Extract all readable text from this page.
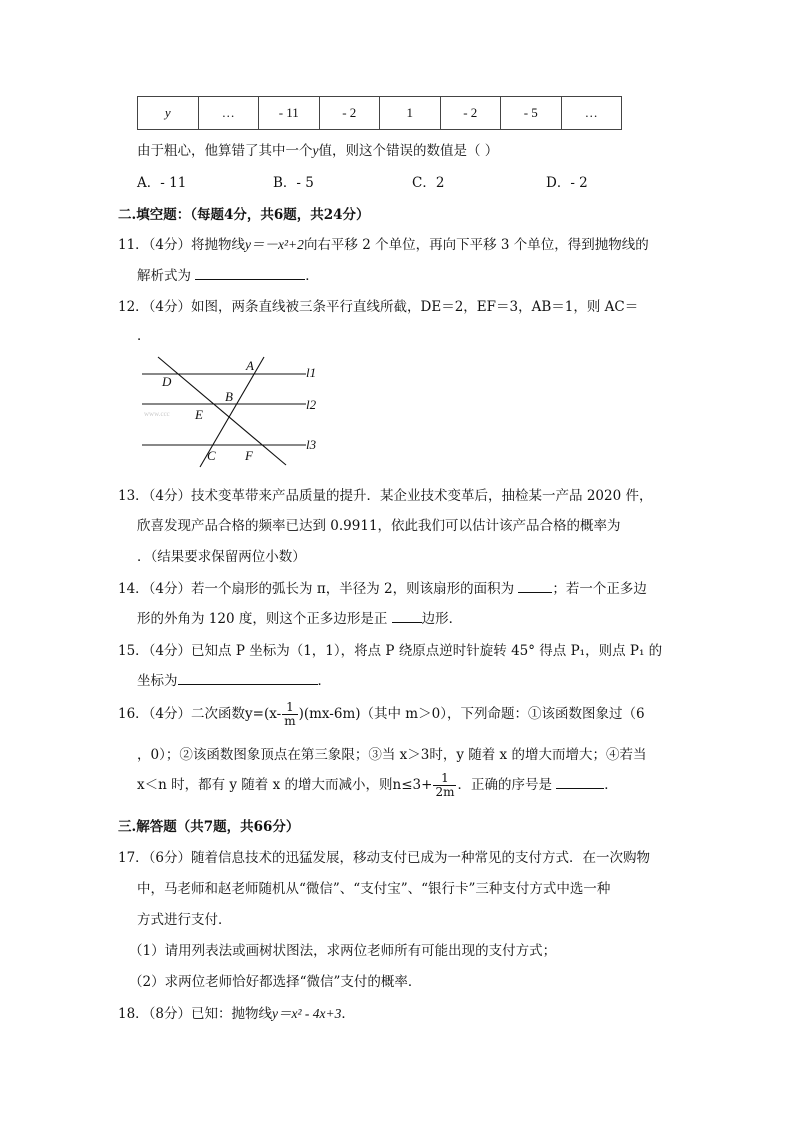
y	…	- 11	- 2	1	- 2	- 5	…
由于粗心，他算错了其中一个y值，则这个错误的数值是（ ）
A．- 11	B．- 5	C．2	D．- 2
二.填空题：（每题4分，共6题，共24分）
11．（4分）将抛物线y＝－x²+2向右平移 2 个单位，再向下平移 3 个单位，得到抛物线的
解析式为	．
12．（4分）如图，两条直线被三条平行直线所截，DE＝2，EF＝3，AB＝1，则 AC＝
．
www.ccc
A
D
B
E
C F
l1
l2
l3
13．（4分）技术变革带来产品质量的提升．某企业技术变革后，抽检某一产品 2020 件，
欣喜发现产品合格的频率已达到 0.9911，依此我们可以估计该产品合格的概率为
．（结果要求保留两位小数）
14．（4分）若一个扇形的弧长为 π，半径为 2，则该扇形的面积为	；若一个正多边
形的外角为 120 度，则这个正多边形是正	边形．
15．（4分）已知点 P 坐标为（1，1），将点 P 绕原点逆时针旋转 45° 得点 P₁，则点 P₁ 的
坐标为	．
16．（4分）二次函数$y=(x- \frac{1}{m} )(mx-6m)$（其中 m＞0），下列命题：①该函数图象过（6
，0）；②该函数图象顶点在第三象限；③当 x＞3时，y 随着 x 的增大而增大；④若当
x＜n 时，都有 y 随着 x 的增大而减小，则$n\le 3+ \frac{1}{2m}$ ．正确的序号是	．
三.解答题（共7题，共66分）
17．（6分）随着信息技术的迅猛发展，移动支付已成为一种常见的支付方式．在一次购物
中，马老师和赵老师随机从“微信”、“支付宝”、“银行卡”三种支付方式中选一种
方式进行支付．
（1）请用列表法或画树状图法，求两位老师所有可能出现的支付方式；
（2）求两位老师恰好都选择“微信”支付的概率．
18．（8分）已知：抛物线y＝x² - 4x+3．
